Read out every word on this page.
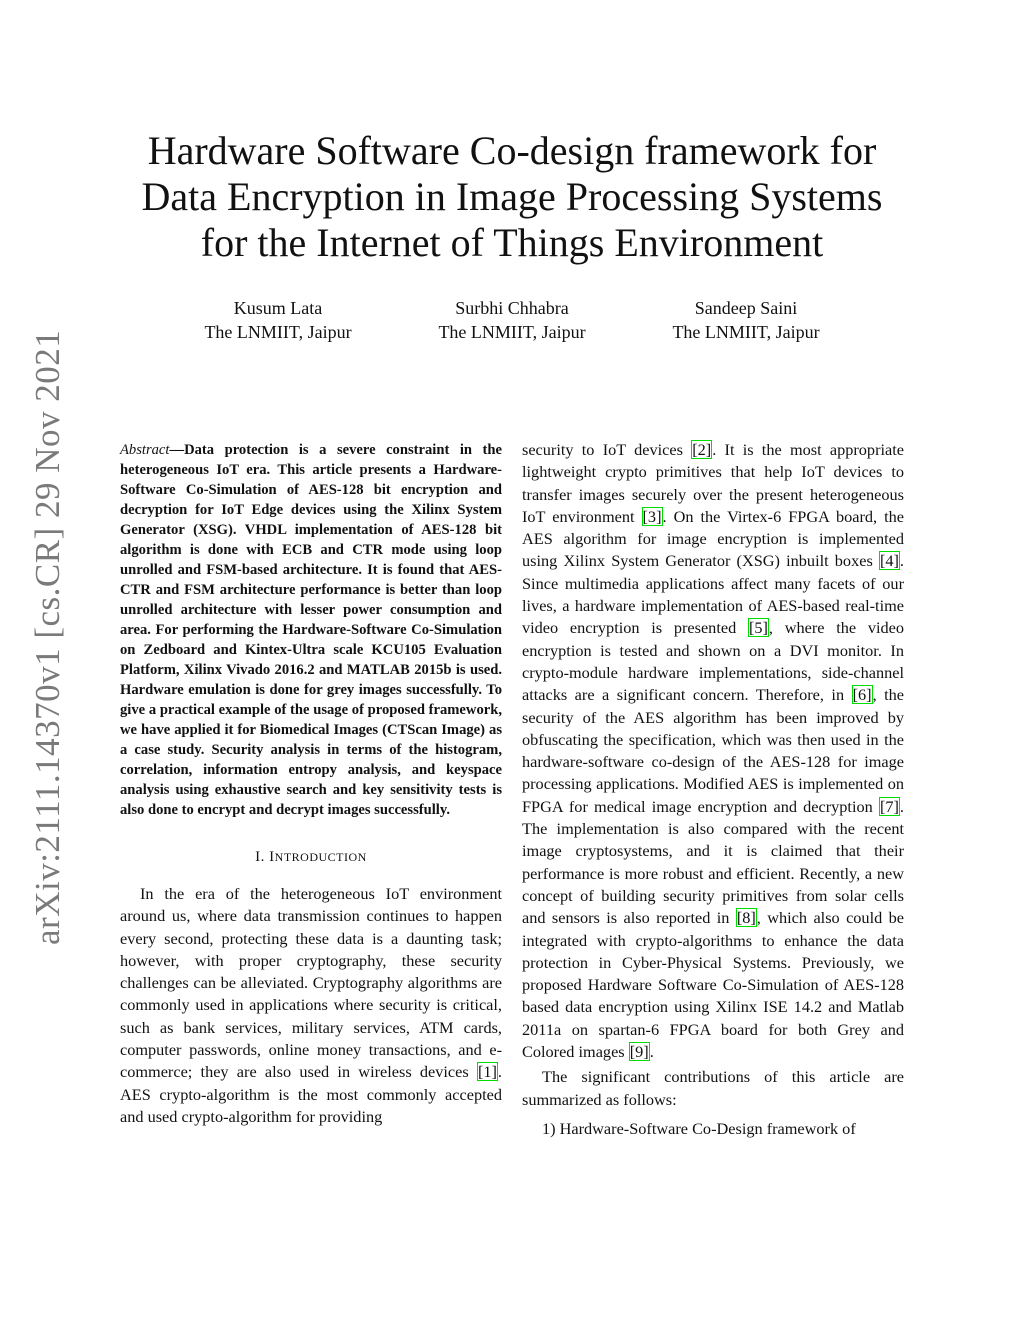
arXiv:2111.14370v1 [cs.CR] 29 Nov 2021
Hardware Software Co-design framework for
Data Encryption in Image Processing Systems
for the Internet of Things Environment
Kusum Lata
The LNMIIT, Jaipur
Surbhi Chhabra
The LNMIIT, Jaipur
Sandeep Saini
The LNMIIT, Jaipur

Abstract—Data protection is a severe constraint in the heterogeneous IoT era. This article presents a Hardware-Software Co-Simulation of AES-128 bit encryption and decryption for IoT Edge devices using the Xilinx System Generator (XSG). VHDL implementation of AES-128 bit algorithm is done with ECB and CTR mode using loop unrolled and FSM-based architecture. It is found that AES-CTR and FSM architecture performance is better than loop unrolled architecture with lesser power consumption and area. For performing the Hardware-Software Co-Simulation on Zedboard and Kintex-Ultra scale KCU105 Evaluation Platform, Xilinx Vivado 2016.2 and MATLAB 2015b is used. Hardware emulation is done for grey images successfully. To give a practical example of the usage of proposed framework, we have applied it for Biomedical Images (CTScan Image) as a case study. Security analysis in terms of the histogram, correlation, information entropy analysis, and keyspace analysis using exhaustive search and key sensitivity tests is also done to encrypt and decrypt images successfully.

I. INTRODUCTION

In the era of the heterogeneous IoT environment around us, where data transmission continues to happen every second, protecting these data is a daunting task; however, with proper cryptography, these security challenges can be alleviated. Cryptography algorithms are commonly used in applications where security is critical, such as bank services, military services, ATM cards, computer passwords, online money transactions, and e-commerce; they are also used in wireless devices [1]. AES crypto-algorithm is the most commonly accepted and used crypto-algorithm for providing

security to IoT devices [2]. It is the most appropriate lightweight crypto primitives that help IoT devices to transfer images securely over the present heterogeneous IoT environment [3]. On the Virtex-6 FPGA board, the AES algorithm for image encryption is implemented using Xilinx System Generator (XSG) inbuilt boxes [4]. Since multimedia applications affect many facets of our lives, a hardware implementation of AES-based real-time video encryption is presented [5], where the video encryption is tested and shown on a DVI monitor. In crypto-module hardware implementations, side-channel attacks are a significant concern. Therefore, in [6], the security of the AES algorithm has been improved by obfuscating the specification, which was then used in the hardware-software co-design of the AES-128 for image processing applications. Modified AES is implemented on FPGA for medical image encryption and decryption [7]. The implementation is also compared with the recent image cryptosystems, and it is claimed that their performance is more robust and efficient. Recently, a new concept of building security primitives from solar cells and sensors is also reported in [8], which also could be integrated with crypto-algorithms to enhance the data protection in Cyber-Physical Systems. Previously, we proposed Hardware Software Co-Simulation of AES-128 based data encryption using Xilinx ISE 14.2 and Matlab 2011a on spartan-6 FPGA board for both Grey and Colored images [9].

The significant contributions of this article are summarized as follows:

1) Hardware-Software Co-Design framework of
